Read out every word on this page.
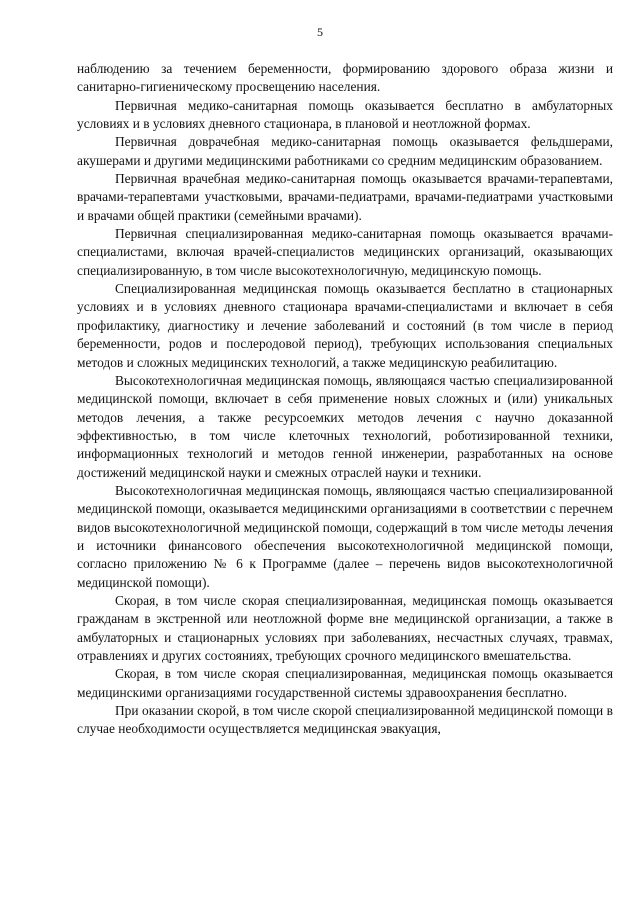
5

наблюдению за течением беременности, формированию здорового образа жизни и санитарно-гигиеническому просвещению населения.

Первичная медико-санитарная помощь оказывается бесплатно в амбулаторных условиях и в условиях дневного стационара, в плановой и неотложной формах.

Первичная доврачебная медико-санитарная помощь оказывается фельдшерами, акушерами и другими медицинскими работниками со средним медицинским образованием.

Первичная врачебная медико-санитарная помощь оказывается врачами-терапевтами, врачами-терапевтами участковыми, врачами-педиатрами, врачами-педиатрами участковыми и врачами общей практики (семейными врачами).

Первичная специализированная медико-санитарная помощь оказывается врачами-специалистами, включая врачей-специалистов медицинских организаций, оказывающих специализированную, в том числе высокотехнологичную, медицинскую помощь.

Специализированная медицинская помощь оказывается бесплатно в стационарных условиях и в условиях дневного стационара врачами-специалистами и включает в себя профилактику, диагностику и лечение заболеваний и состояний (в том числе в период беременности, родов и послеродовой период), требующих использования специальных методов и сложных медицинских технологий, а также медицинскую реабилитацию.

Высокотехнологичная медицинская помощь, являющаяся частью специализированной медицинской помощи, включает в себя применение новых сложных и (или) уникальных методов лечения, а также ресурсоемких методов лечения с научно доказанной эффективностью, в том числе клеточных технологий, роботизированной техники, информационных технологий и методов генной инженерии, разработанных на основе достижений медицинской науки и смежных отраслей науки и техники.

Высокотехнологичная медицинская помощь, являющаяся частью специализированной медицинской помощи, оказывается медицинскими организациями в соответствии с перечнем видов высокотехнологичной медицинской помощи, содержащий в том числе методы лечения и источники финансового обеспечения высокотехнологичной медицинской помощи, согласно приложению № 6 к Программе (далее – перечень видов высокотехнологичной медицинской помощи).

Скорая, в том числе скорая специализированная, медицинская помощь оказывается гражданам в экстренной или неотложной форме вне медицинской организации, а также в амбулаторных и стационарных условиях при заболеваниях, несчастных случаях, травмах, отравлениях и других состояниях, требующих срочного медицинского вмешательства.

Скорая, в том числе скорая специализированная, медицинская помощь оказывается медицинскими организациями государственной системы здравоохранения бесплатно.

При оказании скорой, в том числе скорой специализированной медицинской помощи в случае необходимости осуществляется медицинская эвакуация,
